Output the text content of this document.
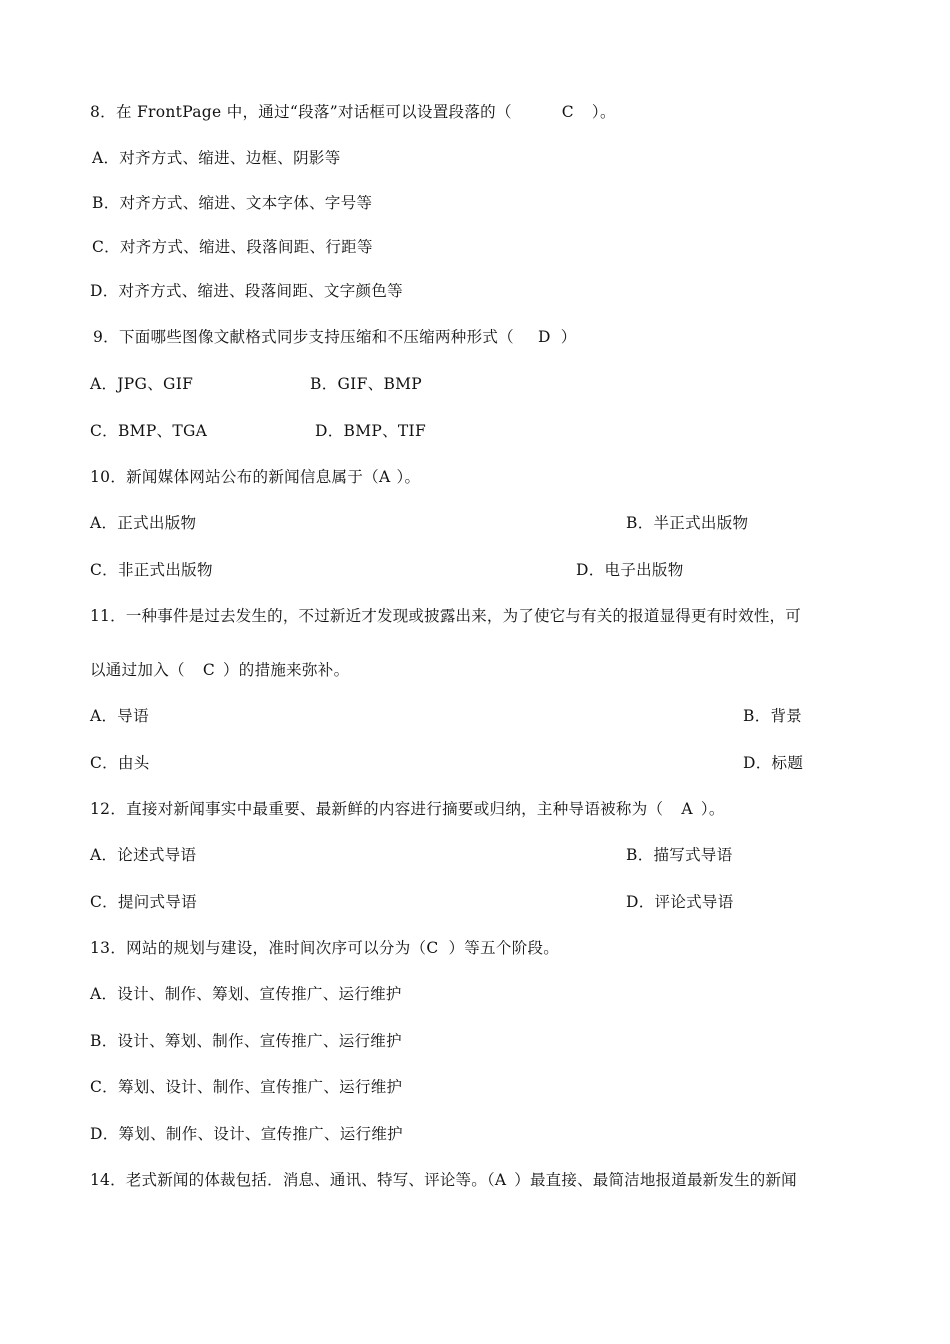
8．在 FrontPage 中，通过“段落”对话框可以设置段落的（	C ）。
A．对齐方式、缩进、边框、阴影等
B．对齐方式、缩进、文本字体、字号等
C．对齐方式、缩进、段落间距、行距等
D．对齐方式、缩进、段落间距、文字颜色等
9．下面哪些图像文献格式同步支持压缩和不压缩两种形式（ D ）
A．JPG、GIF	B．GIF、BMP
C．BMP、TGA	D．BMP、TIF
10．新闻媒体网站公布的新闻信息属于（A ）。
A．正式出版物	B．半正式出版物
C．非正式出版物	D．电子出版物
11．一种事件是过去发生的，不过新近才发现或披露出来，为了使它与有关的报道显得更有时效性，可
以通过加入（ C ）的措施来弥补。
A．导语	B．背景
C．由头	D．标题
12．直接对新闻事实中最重要、最新鲜的内容进行摘要或归纳，主种导语被称为（ A ）。
A．论述式导语	B．描写式导语
C．提问式导语	D．评论式导语
13．网站的规划与建设，准时间次序可以分为（C ）等五个阶段。
A．设计、制作、筹划、宣传推广、运行维护
B．设计、筹划、制作、宣传推广、运行维护
C．筹划、设计、制作、宣传推广、运行维护
D．筹划、制作、设计、宣传推广、运行维护
14．老式新闻的体裁包括．消息、通讯、特写、评论等。（A ）最直接、最简洁地报道最新发生的新闻
